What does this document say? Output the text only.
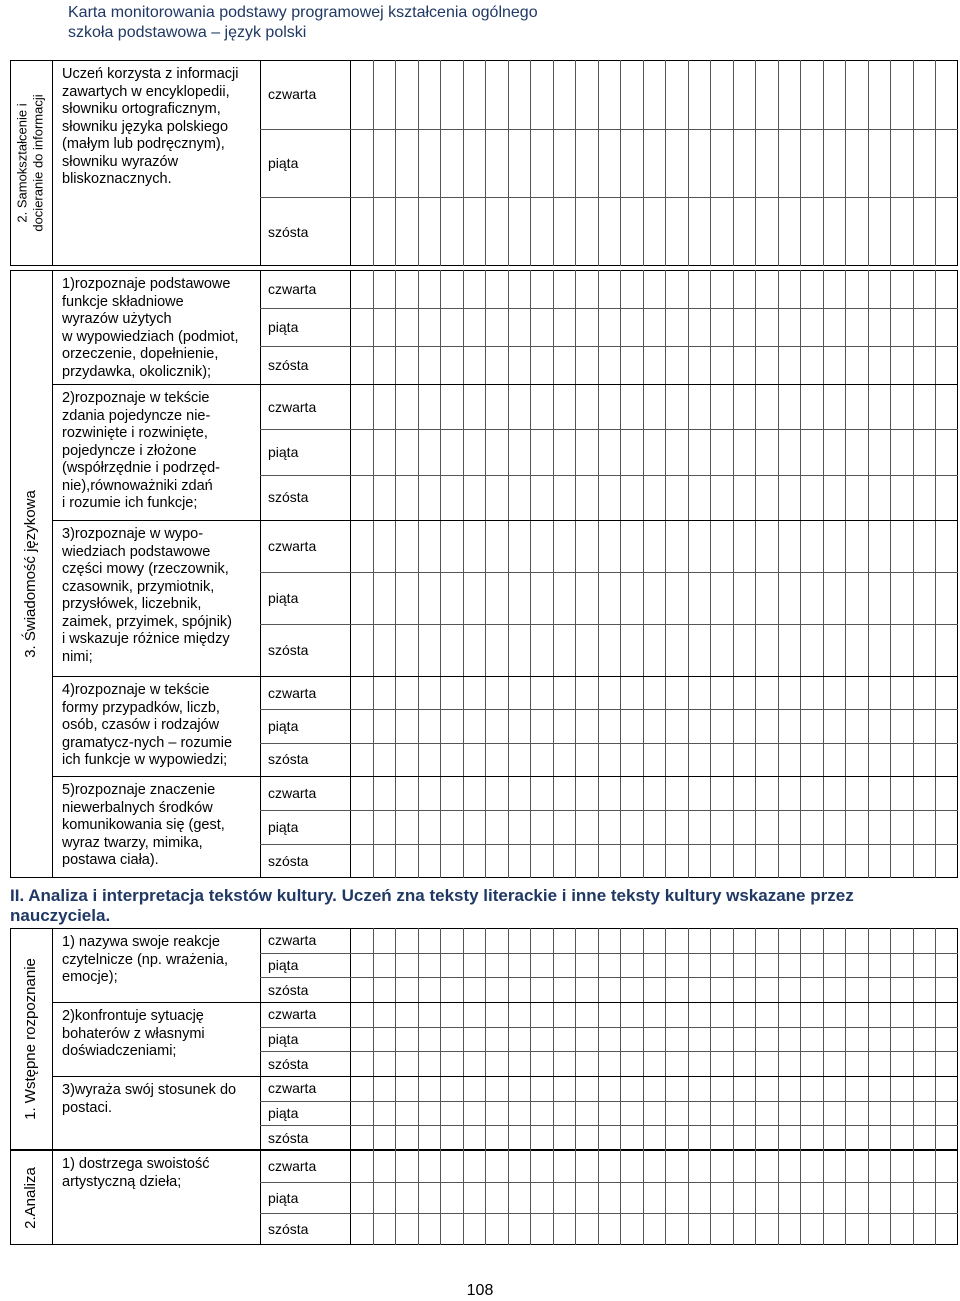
Karta monitorowania podstawy programowej kształcenia ogólnego
szkoła podstawowa – język polski
Uczeń korzysta z informacji
zawartych w encyklopedii,
słowniku ortograficznym,
słowniku języka polskiego
(małym lub podręcznym),
słowniku wyrazów
bliskoznacznych.
czwarta
piąta
szósta
2. Samokształcenie i docieranie do informacji
1)rozpoznaje podstawowe
funkcje składniowe
wyrazów użytych
w wypowiedziach (podmiot,
orzeczenie, dopełnienie,
przydawka, okolicznik);
czwarta
piąta
szósta
2)rozpoznaje w tekście
zdania pojedyncze nie-
rozwinięte i rozwinięte,
pojedyncze i złożone
(współrzędnie i podrzęd-
nie),równoważniki zdań
i rozumie ich funkcje;
czwarta
piąta
szósta
3)rozpoznaje w wypo-
wiedziach podstawowe
części mowy (rzeczownik,
czasownik, przymiotnik,
przysłówek, liczebnik,
zaimek, przyimek, spójnik)
i wskazuje różnice między
nimi;
czwarta
piąta
szósta
4)rozpoznaje w tekście
formy przypadków, liczb,
osób, czasów i rodzajów
gramatycz-nych – rozumie
ich funkcje w wypowiedzi;
czwarta
piąta
szósta
5)rozpoznaje znaczenie
niewerbalnych środków
komunikowania się (gest,
wyraz twarzy, mimika,
postawa ciała).
czwarta
piąta
szósta
3. Świadomość językowa
1) nazywa swoje reakcje
czytelnicze (np. wrażenia,
emocje);
czwarta
piąta
szósta
2)konfrontuje sytuację
bohaterów z własnymi
doświadczeniami;
czwarta
piąta
szósta
3)wyraża swój stosunek do
postaci.
czwarta
piąta
szósta
1. Wstępne rozpoznanie
1) dostrzega swoistość
artystyczną dzieła;
czwarta
piąta
szósta
2.Analiza
II. Analiza i interpretacja tekstów kultury. Uczeń zna teksty literackie i inne teksty kultury wskazane przez nauczyciela.
108
